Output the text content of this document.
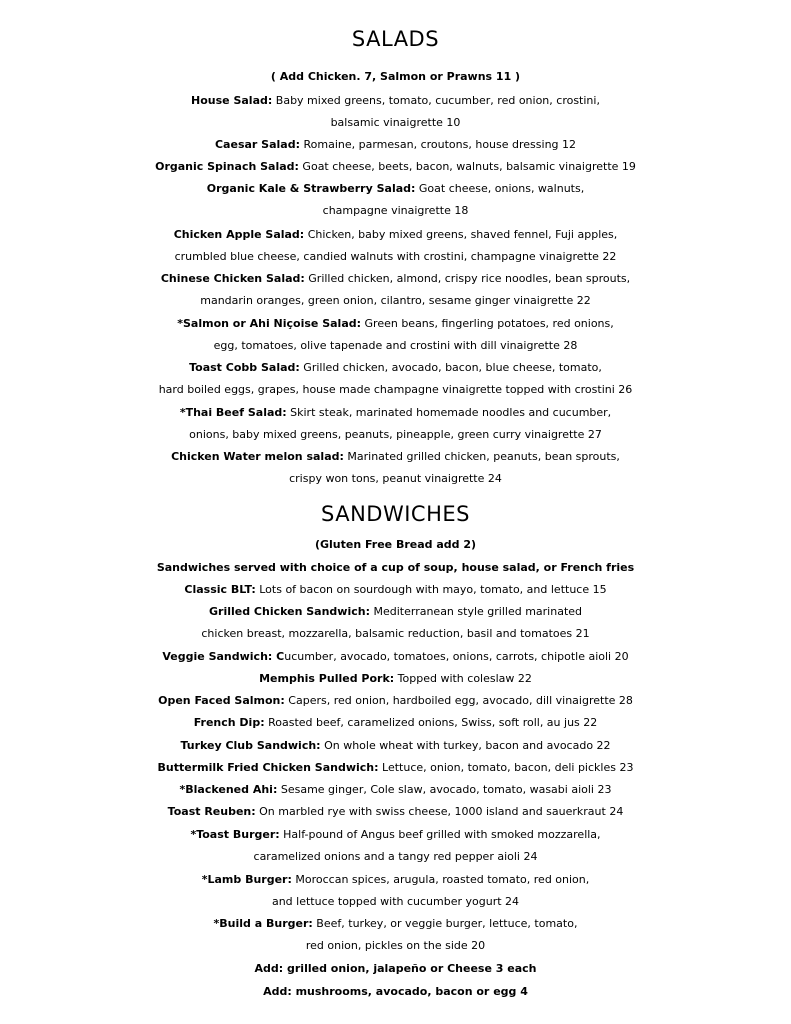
SALADS
( Add Chicken. 7, Salmon or Prawns 11 )
House Salad: Baby mixed greens, tomato, cucumber, red onion, crostini,
balsamic vinaigrette 10
Caesar Salad: Romaine, parmesan, croutons, house dressing 12
Organic Spinach Salad: Goat cheese, beets, bacon, walnuts, balsamic vinaigrette 19
Organic Kale & Strawberry Salad: Goat cheese, onions, walnuts,
champagne vinaigrette 18
Chicken Apple Salad: Chicken, baby mixed greens, shaved fennel, Fuji apples,
crumbled blue cheese, candied walnuts with crostini, champagne vinaigrette 22
Chinese Chicken Salad: Grilled chicken, almond, crispy rice noodles, bean sprouts,
mandarin oranges, green onion, cilantro, sesame ginger vinaigrette 22
*Salmon or Ahi Niçoise Salad: Green beans, fingerling potatoes, red onions,
egg, tomatoes, olive tapenade and crostini with dill vinaigrette 28
Toast Cobb Salad: Grilled chicken, avocado, bacon, blue cheese, tomato,
hard boiled eggs, grapes, house made champagne vinaigrette topped with crostini 26
*Thai Beef Salad: Skirt steak, marinated homemade noodles and cucumber,
onions, baby mixed greens, peanuts, pineapple, green curry vinaigrette 27
Chicken Water melon salad: Marinated grilled chicken, peanuts, bean sprouts,
crispy won tons, peanut vinaigrette 24
SANDWICHES
(Gluten Free Bread add 2)
Sandwiches served with choice of a cup of soup, house salad, or French fries
Classic BLT: Lots of bacon on sourdough with mayo, tomato, and lettuce 15
Grilled Chicken Sandwich: Mediterranean style grilled marinated
chicken breast, mozzarella, balsamic reduction, basil and tomatoes 21
Veggie Sandwich: Cucumber, avocado, tomatoes, onions, carrots, chipotle aioli 20
Memphis Pulled Pork: Topped with coleslaw 22
Open Faced Salmon: Capers, red onion, hardboiled egg, avocado, dill vinaigrette 28
French Dip: Roasted beef, caramelized onions, Swiss, soft roll, au jus 22
Turkey Club Sandwich: On whole wheat with turkey, bacon and avocado 22
Buttermilk Fried Chicken Sandwich: Lettuce, onion, tomato, bacon, deli pickles 23
*Blackened Ahi: Sesame ginger, Cole slaw, avocado, tomato, wasabi aioli 23
Toast Reuben: On marbled rye with swiss cheese, 1000 island and sauerkraut 24
*Toast Burger: Half-pound of Angus beef grilled with smoked mozzarella,
caramelized onions and a tangy red pepper aioli 24
*Lamb Burger: Moroccan spices, arugula, roasted tomato, red onion,
and lettuce topped with cucumber yogurt 24
*Build a Burger: Beef, turkey, or veggie burger, lettuce, tomato,
red onion, pickles on the side 20
Add: grilled onion, jalapeño or Cheese 3 each
Add: mushrooms, avocado, bacon or egg 4
